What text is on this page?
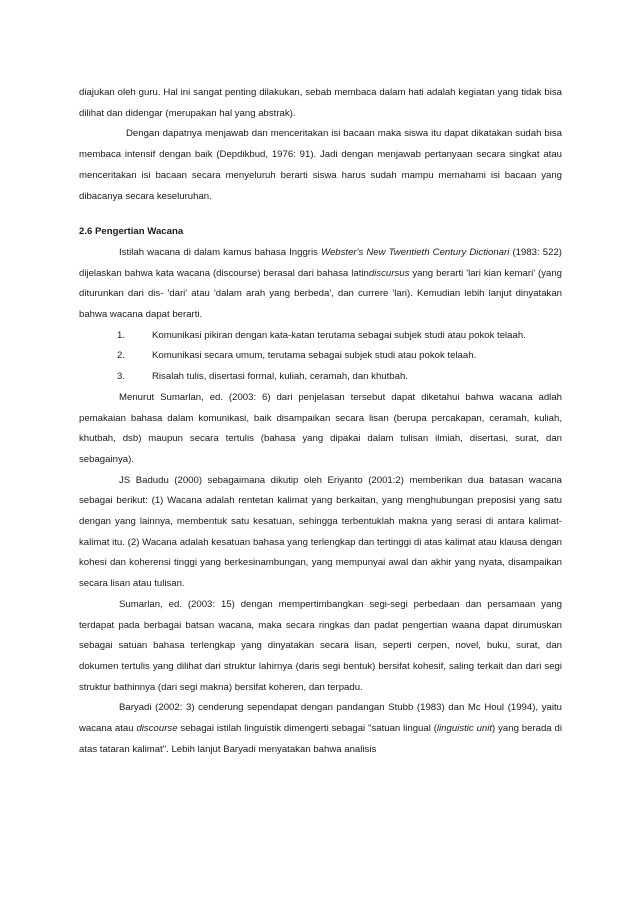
diajukan oleh guru. Hal ini sangat penting dilakukan, sebab membaca dalam hati adalah kegiatan yang tidak bisa dilihat dan didengar (merupakan hal yang abstrak).

Dengan dapatnya menjawab dan menceritakan isi bacaan maka siswa itu dapat dikatakan sudah bisa membaca intensif dengan baik (Depdikbud, 1976: 91). Jadi dengan menjawab pertanyaan secara singkat atau menceritakan isi bacaan secara menyeluruh berarti siswa harus sudah mampu memahami isi bacaan yang dibacanya secara keseluruhan.

2.6 Pengertian Wacana

Istilah wacana di dalam kamus bahasa Inggris Webster's New Twentieth Century Dictionari (1983: 522) dijelaskan bahwa kata wacana (discourse) berasal dari bahasa latindiscursus yang berarti 'lari kian kemari' (yang diturunkan dari dis- 'dari' atau 'dalam arah yang berbeda', dan currere 'lari). Kemudian lebih lanjut dinyatakan bahwa wacana dapat berarti.

1.	Komunikasi pikiran dengan kata-katan terutama sebagai subjek studi atau pokok telaah.
2.	Komunikasi secara umum, terutama sebagai subjek studi atau pokok telaah.
3.	Risalah tulis, disertasi formal, kuliah, ceramah, dan khutbah.

Menurut Sumarlan, ed. (2003: 6) dari penjelasan tersebut dapat diketahui bahwa wacana adlah pemakaian bahasa dalam komunikasi, baik disampaikan secara lisan (berupa percakapan, ceramah, kuliah, khutbah, dsb) maupun secara tertulis (bahasa yang dipakai dalam tulisan ilmiah, disertasi, surat, dan sebagainya).

JS Badudu (2000) sebagaimana dikutip oleh Eriyanto (2001:2) memberikan dua batasan wacana sebagai berikut: (1) Wacana adalah rentetan kalimat yang berkaitan, yang menghubungan preposisi yang satu dengan yang lainnya, membentuk satu kesatuan, sehingga terbentuklah makna yang serasi di antara kalimat-kalimat itu. (2) Wacana adalah kesatuan bahasa yang terlengkap dan tertinggi di atas kalimat atau klausa dengan kohesi dan koherensi tinggi yang berkesinambungan, yang mempunyai awal dan akhir yang nyata, disampaikan secara lisan atau tulisan.

Sumarlan, ed. (2003: 15) dengan mempertimbangkan segi-segi perbedaan dan persamaan yang terdapat pada berbagai batsan wacana, maka secara ringkas dan padat pengertian waana dapat dirumuskan sebagai satuan bahasa terlengkap yang dinyatakan secara lisan, seperti cerpen, novel, buku, surat, dan dokumen tertulis yang dilihat dari struktur lahirnya (daris segi bentuk) bersifat kohesif, saling terkait dan dari segi struktur bathinnya (dari segi makna) bersifat koheren, dan terpadu.

Baryadi (2002: 3) cenderung sependapat dengan pandangan Stubb (1983) dan Mc Houl (1994), yaitu wacana atau discourse sebagai istilah linguistik dimengerti sebagai "satuan lingual (linguistic unit) yang berada di atas tataran kalimat". Lebih lanjut Baryadi menyatakan bahwa analisis
